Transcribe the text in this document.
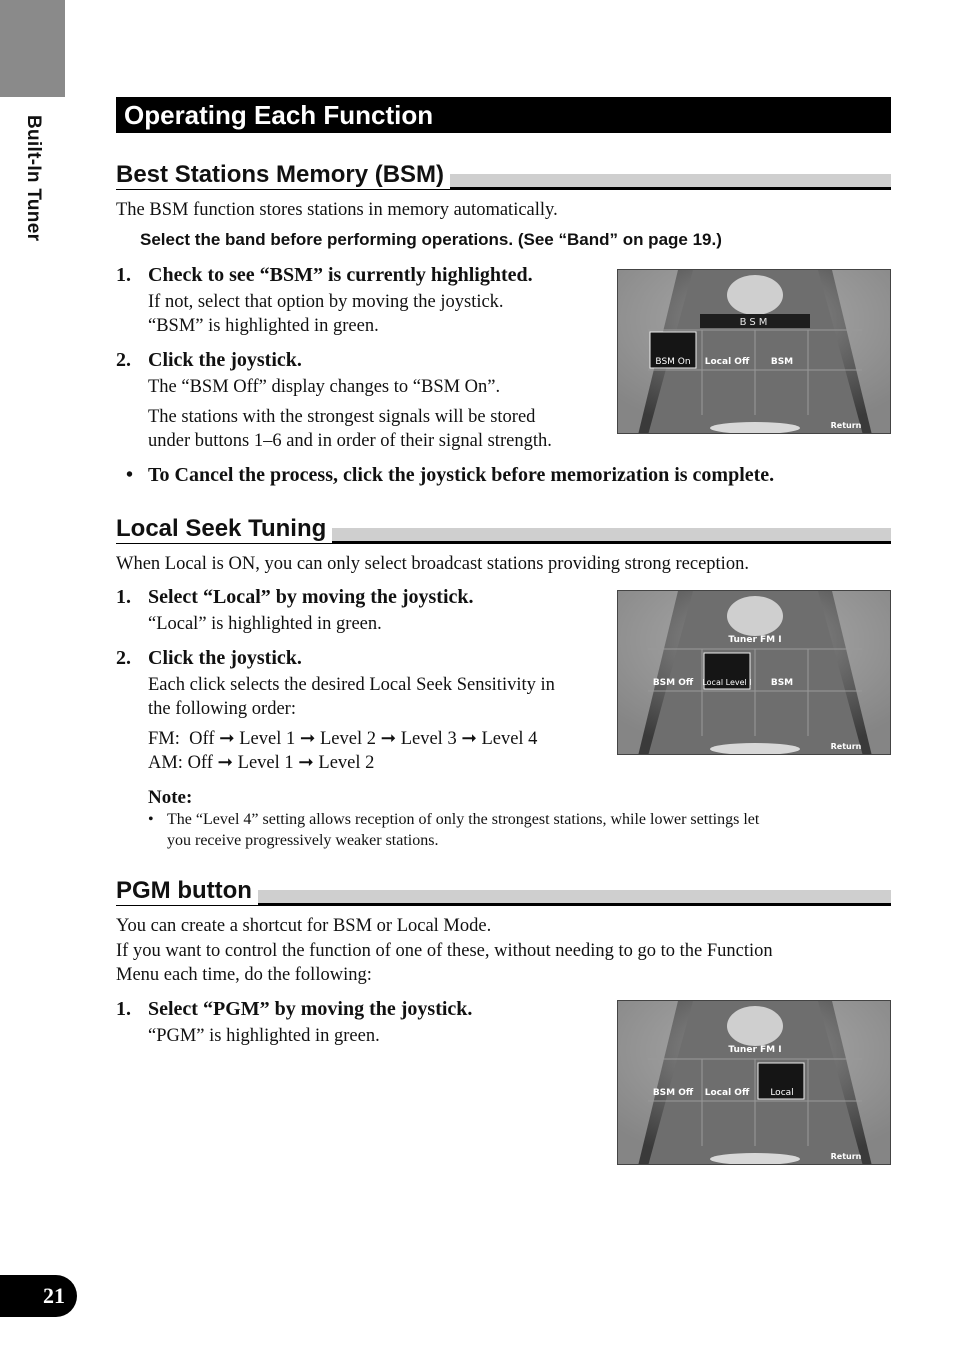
Built-In Tuner	Operating Each Function
Best Stations Memory (BSM)
The BSM function stores stations in memory automatically.
Select the band before performing operations. (See “Band” on page 19.)
1. Check to see “BSM” is currently highlighted.
If not, select that option by moving the joystick.
“BSM” is highlighted in green.
2. Click the joystick.
The “BSM Off” display changes to “BSM On”.
The stations with the strongest signals will be stored
under buttons 1–6 and in order of their signal strength.
• To Cancel the process, click the joystick before memorization is complete.
BSM
BSM On Local Off BSM
Return
Local Seek Tuning
When Local is ON, you can only select broadcast stations providing strong reception.
1. Select “Local” by moving the joystick.
“Local” is highlighted in green.
2. Click the joystick.
Each click selects the desired Local Seek Sensitivity in
the following order:
FM:  Off ➞ Level 1 ➞ Level 2 ➞ Level 3 ➞ Level 4
AM: Off ➞ Level 1 ➞ Level 2
Note:
• The “Level 4” setting allows reception of only the strongest stations, while lower settings let
you receive progressively weaker stations.
Tuner FM I
BSM Off Local Level I BSM
Return
PGM button
You can create a shortcut for BSM or Local Mode.
If you want to control the function of one of these, without needing to go to the Function
Menu each time, do the following:
1. Select “PGM” by moving the joystick.
“PGM” is highlighted in green.
Tuner FM I
BSM Off Local Off Local
Return
21
